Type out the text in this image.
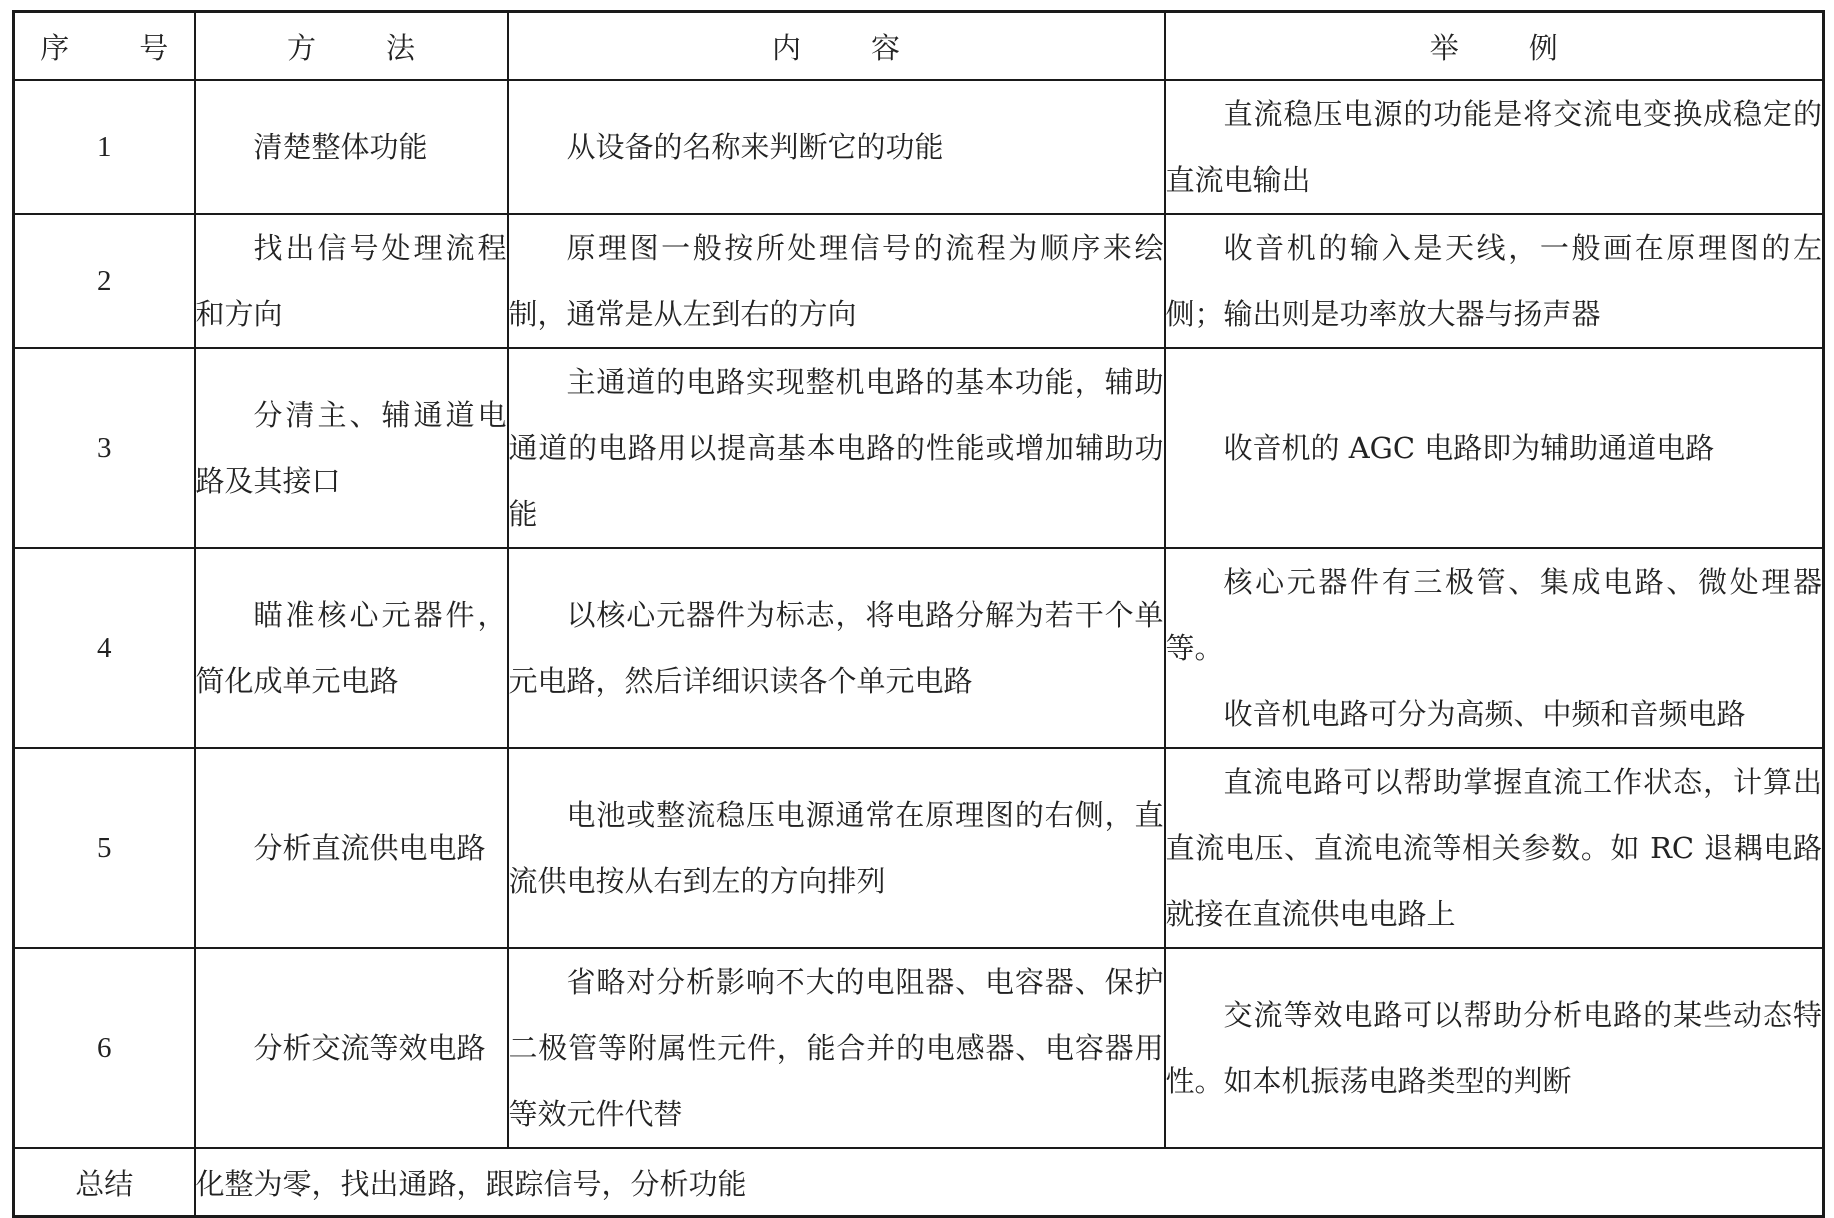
序 号	方 法	内 容	举 例
1	清楚整体功能	从设备的名称来判断它的功能	直流稳压电源的功能是将交流电变换成稳定的直流电输出

2	找出信号处理流程和方向	原理图一般按所处理信号的流程为顺序来绘制，通常是从左到右的方向	收音机的输入是天线，一般画在原理图的左侧；输出则是功率放大器与扬声器

3	分清主、辅通道电路及其接口	主通道的电路实现整机电路的基本功能，辅助通道的电路用以提高基本电路的性能或增加辅助功能	收音机的 AGC 电路即为辅助通道电路

4	瞄准核心元器件，简化成单元电路	以核心元器件为标志，将电路分解为若干个单元电路，然后详细识读各个单元电路	核心元器件有三极管、集成电路、微处理器等。
收音机电路可分为高频、中频和音频电路

5	分析直流供电电路	电池或整流稳压电源通常在原理图的右侧，直流供电按从右到左的方向排列	直流电路可以帮助掌握直流工作状态，计算出直流电压、直流电流等相关参数。如 RC 退耦电路就接在直流供电电路上

6	分析交流等效电路	省略对分析影响不大的电阻器、电容器、保护二极管等附属性元件，能合并的电感器、电容器用等效元件代替	交流等效电路可以帮助分析电路的某些动态特性。如本机振荡电路类型的判断

总结	化整为零，找出通路，跟踪信号，分析功能		
